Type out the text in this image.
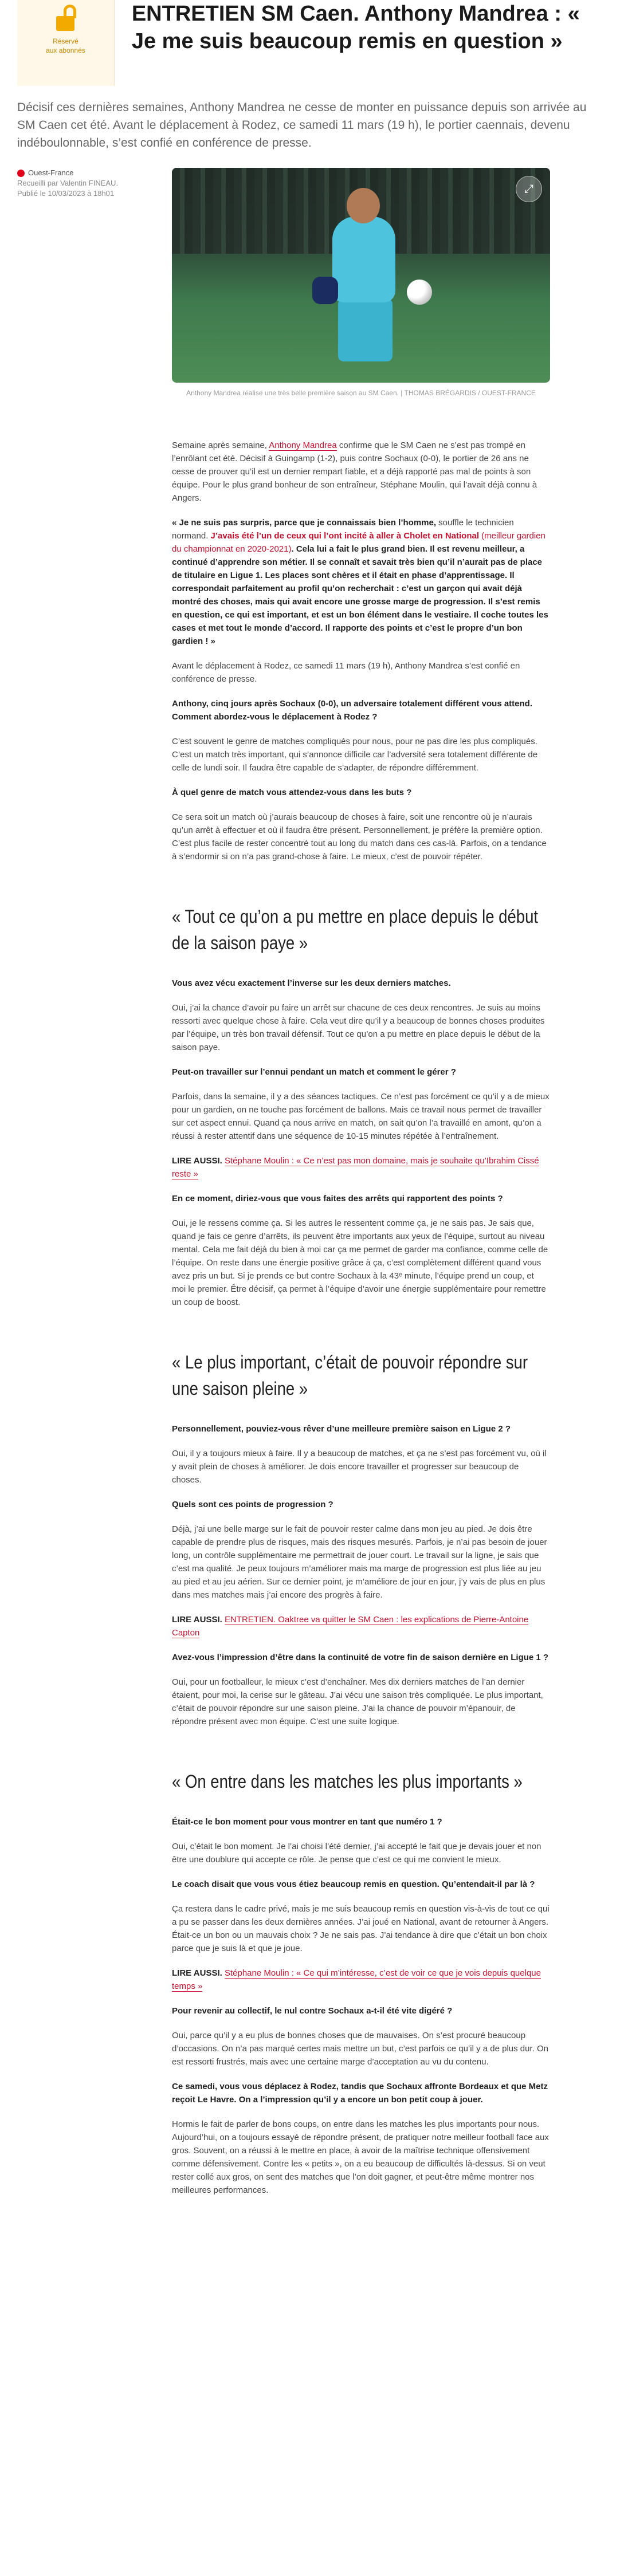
Réservé
aux abonnés
ENTRETIEN SM Caen. Anthony Mandrea : « Je me suis beaucoup remis en question »

Décisif ces dernières semaines, Anthony Mandrea ne cesse de monter en puissance depuis son arrivée au SM Caen cet été. Avant le déplacement à Rodez, ce samedi 11 mars (19 h), le portier caennais, devenu indéboulonnable, s’est confié en conférence de presse.

Ouest-France
Recueilli par Valentin FINEAU.
Publié le 10/03/2023 à 18h01	⤢
Anthony Mandrea réalise une très belle première saison au SM Caen. | THOMAS BRÉGARDIS / OUEST-FRANCE

Semaine après semaine, Anthony Mandrea confirme que le SM Caen ne s’est pas trompé en l’enrôlant cet été. Décisif à Guingamp (1-2), puis contre Sochaux (0-0), le portier de 26 ans ne cesse de prouver qu’il est un dernier rempart fiable, et a déjà rapporté pas mal de points à son équipe. Pour le plus grand bonheur de son entraîneur, Stéphane Moulin, qui l’avait déjà connu à Angers.

« Je ne suis pas surpris, parce que je connaissais bien l’homme, souffle le technicien normand. J’avais été l’un de ceux qui l’ont incité à aller à Cholet en National (meilleur gardien du championnat en 2020-2021). Cela lui a fait le plus grand bien. Il est revenu meilleur, a continué d’apprendre son métier. Il se connaît et savait très bien qu’il n’aurait pas de place de titulaire en Ligue 1. Les places sont chères et il était en phase d’apprentissage. Il correspondait parfaitement au profil qu’on recherchait : c’est un garçon qui avait déjà montré des choses, mais qui avait encore une grosse marge de progression. Il s’est remis en question, ce qui est important, et est un bon élément dans le vestiaire. Il coche toutes les cases et met tout le monde d’accord. Il rapporte des points et c’est le propre d’un bon gardien ! »

Avant le déplacement à Rodez, ce samedi 11 mars (19 h), Anthony Mandrea s’est confié en conférence de presse.

Anthony, cinq jours après Sochaux (0-0), un adversaire totalement différent vous attend. Comment abordez-vous le déplacement à Rodez ?

C’est souvent le genre de matches compliqués pour nous, pour ne pas dire les plus compliqués. C’est un match très important, qui s’annonce difficile car l’adversité sera totalement différente de celle de lundi soir. Il faudra être capable de s’adapter, de répondre différemment.

À quel genre de match vous attendez-vous dans les buts ?

Ce sera soit un match où j’aurais beaucoup de choses à faire, soit une rencontre où je n’aurais qu’un arrêt à effectuer et où il faudra être présent. Personnellement, je préfère la première option. C’est plus facile de rester concentré tout au long du match dans ces cas-là. Parfois, on a tendance à s’endormir si on n’a pas grand-chose à faire. Le mieux, c’est de pouvoir répéter.

« Tout ce qu’on a pu mettre en place depuis le début de la saison paye »

Vous avez vécu exactement l’inverse sur les deux derniers matches.

Oui, j’ai la chance d’avoir pu faire un arrêt sur chacune de ces deux rencontres. Je suis au moins ressorti avec quelque chose à faire. Cela veut dire qu’il y a beaucoup de bonnes choses produites par l’équipe, un très bon travail défensif. Tout ce qu’on a pu mettre en place depuis le début de la saison paye.

Peut-on travailler sur l’ennui pendant un match et comment le gérer ?

Parfois, dans la semaine, il y a des séances tactiques. Ce n’est pas forcément ce qu’il y a de mieux pour un gardien, on ne touche pas forcément de ballons. Mais ce travail nous permet de travailler sur cet aspect ennui. Quand ça nous arrive en match, on sait qu’on l’a travaillé en amont, qu’on a réussi à rester attentif dans une séquence de 10-15 minutes répétée à l’entraînement.

LIRE AUSSI. Stéphane Moulin : « Ce n’est pas mon domaine, mais je souhaite qu’Ibrahim Cissé reste »

En ce moment, diriez-vous que vous faites des arrêts qui rapportent des points ?

Oui, je le ressens comme ça. Si les autres le ressentent comme ça, je ne sais pas. Je sais que, quand je fais ce genre d’arrêts, ils peuvent être importants aux yeux de l’équipe, surtout au niveau mental. Cela me fait déjà du bien à moi car ça me permet de garder ma confiance, comme celle de l’équipe. On reste dans une énergie positive grâce à ça, c’est complètement différent quand vous avez pris un but. Si je prends ce but contre Sochaux à la 43ᵉ minute, l’équipe prend un coup, et moi le premier. Être décisif, ça permet à l’équipe d’avoir une énergie supplémentaire pour remettre un coup de boost.

« Le plus important, c’était de pouvoir répondre sur une saison pleine »

Personnellement, pouviez-vous rêver d’une meilleure première saison en Ligue 2 ?

Oui, il y a toujours mieux à faire. Il y a beaucoup de matches, et ça ne s’est pas forcément vu, où il y avait plein de choses à améliorer. Je dois encore travailler et progresser sur beaucoup de choses.

Quels sont ces points de progression ?

Déjà, j’ai une belle marge sur le fait de pouvoir rester calme dans mon jeu au pied. Je dois être capable de prendre plus de risques, mais des risques mesurés. Parfois, je n’ai pas besoin de jouer long, un contrôle supplémentaire me permettrait de jouer court. Le travail sur la ligne, je sais que c’est ma qualité. Je peux toujours m’améliorer mais ma marge de progression est plus liée au jeu au pied et au jeu aérien. Sur ce dernier point, je m’améliore de jour en jour, j’y vais de plus en plus dans mes matches mais j’ai encore des progrès à faire.

LIRE AUSSI. ENTRETIEN. Oaktree va quitter le SM Caen : les explications de Pierre-Antoine Capton

Avez-vous l’impression d’être dans la continuité de votre fin de saison dernière en Ligue 1 ?

Oui, pour un footballeur, le mieux c’est d’enchaîner. Mes dix derniers matches de l’an dernier étaient, pour moi, la cerise sur le gâteau. J’ai vécu une saison très compliquée. Le plus important, c’était de pouvoir répondre sur une saison pleine. J’ai la chance de pouvoir m’épanouir, de répondre présent avec mon équipe. C’est une suite logique.

« On entre dans les matches les plus importants »

Était-ce le bon moment pour vous montrer en tant que numéro 1 ?

Oui, c’était le bon moment. Je l’ai choisi l’été dernier, j’ai accepté le fait que je devais jouer et non être une doublure qui accepte ce rôle. Je pense que c’est ce qui me convient le mieux.

Le coach disait que vous vous étiez beaucoup remis en question. Qu’entendait-il par là ?

Ça restera dans le cadre privé, mais je me suis beaucoup remis en question vis-à-vis de tout ce qui a pu se passer dans les deux dernières années. J’ai joué en National, avant de retourner à Angers. Était-ce un bon ou un mauvais choix ? Je ne sais pas. J’ai tendance à dire que c’était un bon choix parce que je suis là et que je joue.

LIRE AUSSI. Stéphane Moulin : « Ce qui m’intéresse, c’est de voir ce que je vois depuis quelque temps »

Pour revenir au collectif, le nul contre Sochaux a-t-il été vite digéré ?

Oui, parce qu’il y a eu plus de bonnes choses que de mauvaises. On s’est procuré beaucoup d’occasions. On n’a pas marqué certes mais mettre un but, c’est parfois ce qu’il y a de plus dur. On est ressorti frustrés, mais avec une certaine marge d’acceptation au vu du contenu.

Ce samedi, vous vous déplacez à Rodez, tandis que Sochaux affronte Bordeaux et que Metz reçoit Le Havre. On a l’impression qu’il y a encore un bon petit coup à jouer.

Hormis le fait de parler de bons coups, on entre dans les matches les plus importants pour nous. Aujourd’hui, on a toujours essayé de répondre présent, de pratiquer notre meilleur football face aux gros. Souvent, on a réussi à le mettre en place, à avoir de la maîtrise technique offensivement comme défensivement. Contre les « petits », on a eu beaucoup de difficultés là-dessus. Si on veut rester collé aux gros, on sent des matches que l’on doit gagner, et peut-être même montrer nos meilleures performances.
